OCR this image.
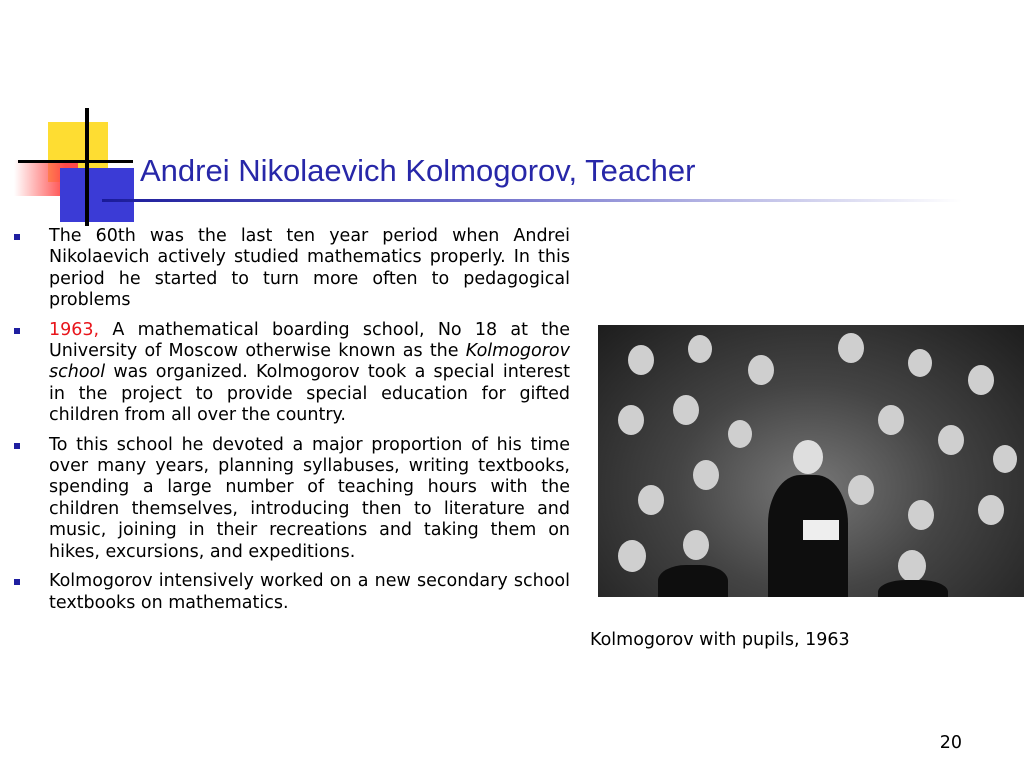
Andrei Nikolaevich Kolmogorov, Teacher
The 60th was the last ten year period when Andrei Nikolaevich actively studied mathematics properly. In this period he started to turn more often to pedagogical problems
1963, A mathematical boarding school, No 18 at the University of Moscow otherwise known as the Kolmogorov school was organized. Kolmogorov took a special interest in the project to provide special education for gifted children from all over the country.
To this school he devoted a major proportion of his time over many years, planning syllabuses, writing textbooks, spending a large number of teaching hours with the children themselves, introducing then to literature and music, joining in their recreations and taking them on hikes, excursions, and expeditions.
Kolmogorov intensively worked on a new secondary school textbooks on mathematics.

Kolmogorov with pupils, 1963

20
